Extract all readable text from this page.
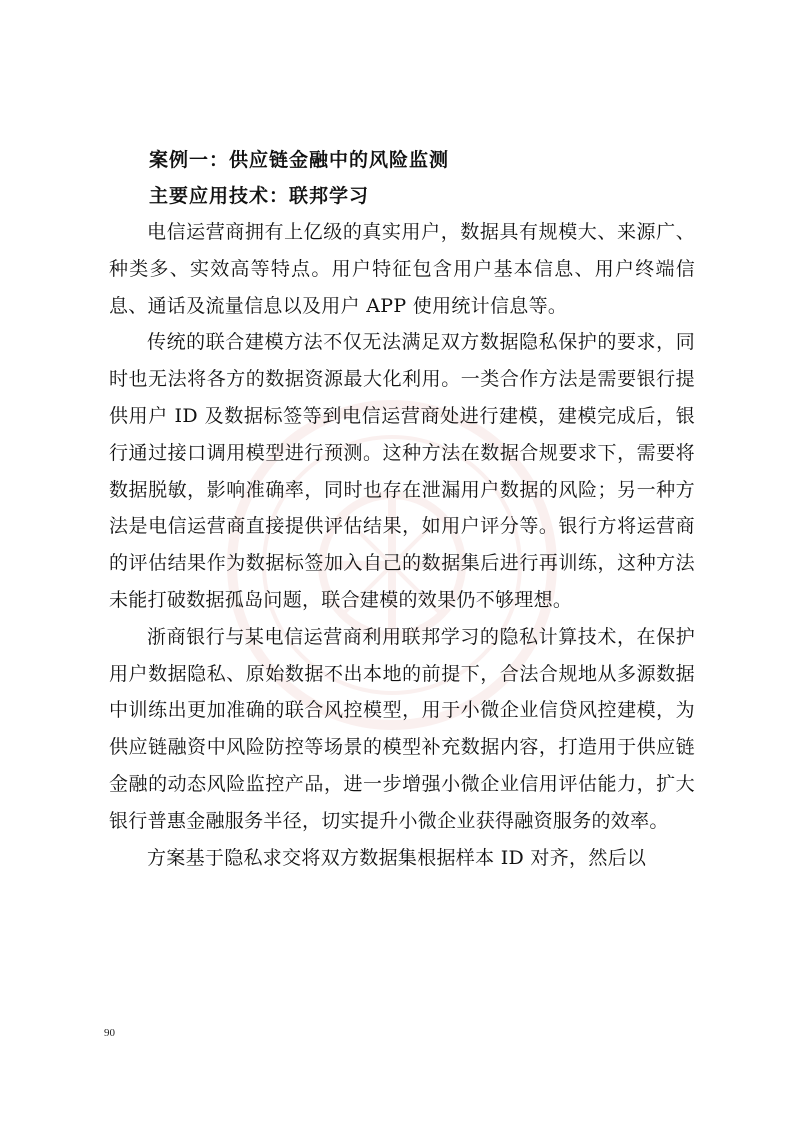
案例一：供应链金融中的风险监测

主要应用技术：联邦学习

电信运营商拥有上亿级的真实用户，数据具有规模大、来源广、种类多、实效高等特点。用户特征包含用户基本信息、用户终端信息、通话及流量信息以及用户 APP 使用统计信息等。

传统的联合建模方法不仅无法满足双方数据隐私保护的要求，同时也无法将各方的数据资源最大化利用。一类合作方法是需要银行提供用户 ID 及数据标签等到电信运营商处进行建模，建模完成后，银行通过接口调用模型进行预测。这种方法在数据合规要求下，需要将数据脱敏，影响准确率，同时也存在泄漏用户数据的风险；另一种方法是电信运营商直接提供评估结果，如用户评分等。银行方将运营商的评估结果作为数据标签加入自己的数据集后进行再训练，这种方法未能打破数据孤岛问题，联合建模的效果仍不够理想。

浙商银行与某电信运营商利用联邦学习的隐私计算技术，在保护用户数据隐私、原始数据不出本地的前提下，合法合规地从多源数据中训练出更加准确的联合风控模型，用于小微企业信贷风控建模，为供应链融资中风险防控等场景的模型补充数据内容，打造用于供应链金融的动态风险监控产品，进一步增强小微企业信用评估能力，扩大银行普惠金融服务半径，切实提升小微企业获得融资服务的效率。

方案基于隐私求交将双方数据集根据样本 ID 对齐，然后以

90
